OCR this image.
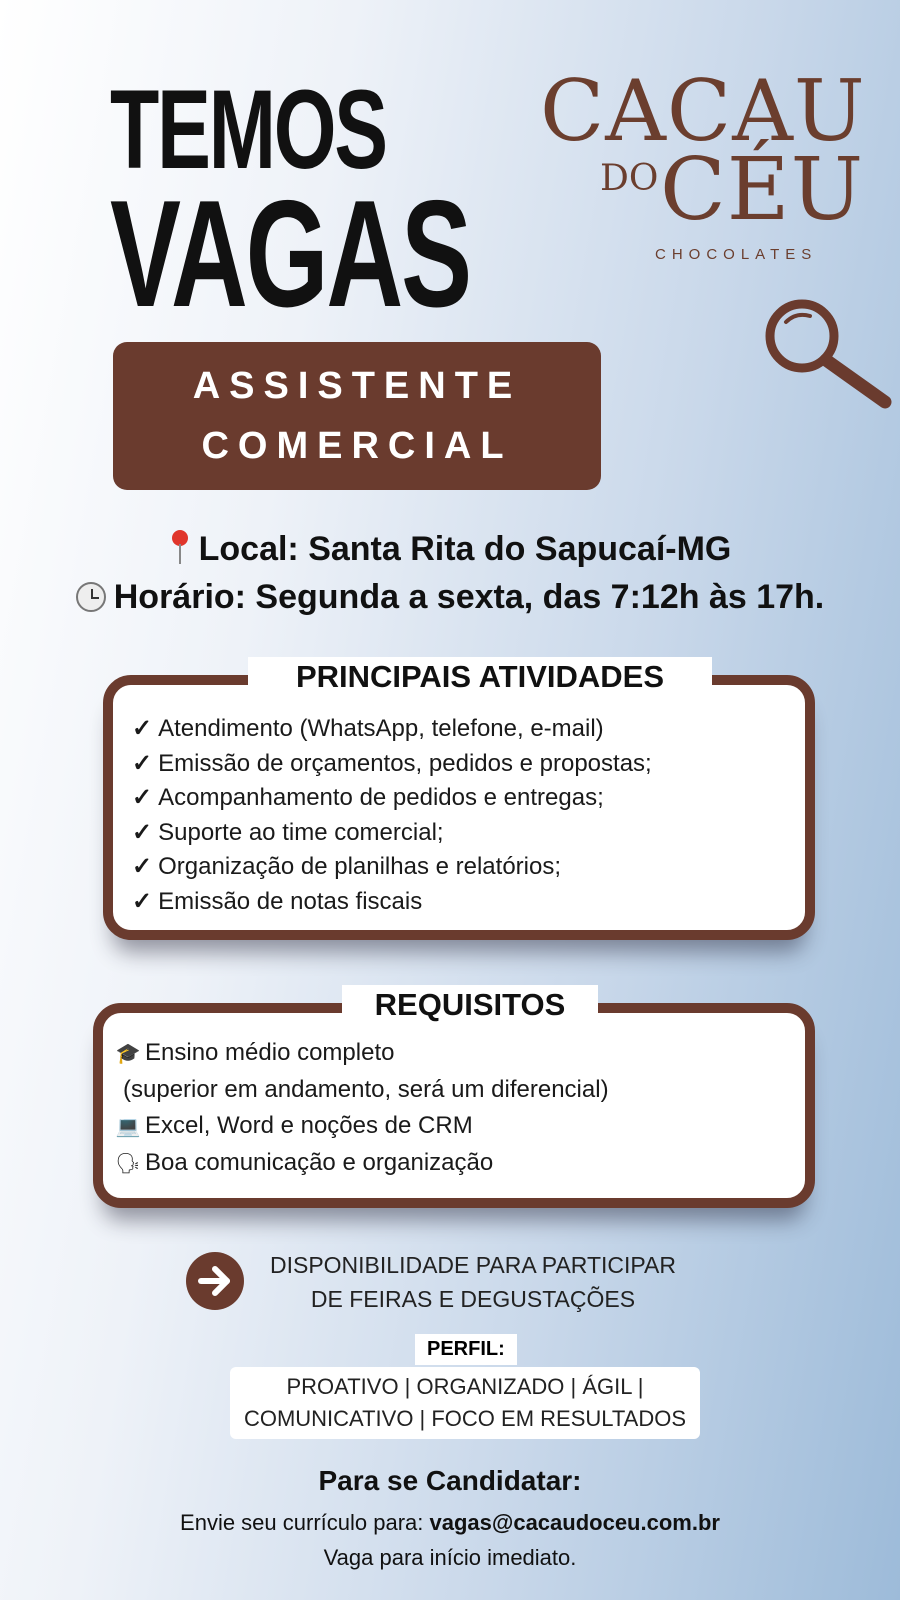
TEMOS
VAGAS
CACAU
DO CÉU
CHOCOLATES
ASSISTENTE
COMERCIAL
Local: Santa Rita do Sapucaí-MG
Horário: Segunda a sexta, das 7:12h às 17h.
PRINCIPAIS ATIVIDADES
✓ Atendimento (WhatsApp, telefone, e-mail)
✓ Emissão de orçamentos, pedidos e propostas;
✓ Acompanhamento de pedidos e entregas;
✓ Suporte ao time comercial;
✓ Organização de planilhas e relatórios;
✓ Emissão de notas fiscais
REQUISITOS
🎓 Ensino médio completo
(superior em andamento, será um diferencial)
💻 Excel, Word e noções de CRM
🗣 Boa comunicação e organização
DISPONIBILIDADE PARA PARTICIPAR
DE FEIRAS E DEGUSTAÇÕES
PERFIL:
PROATIVO | ORGANIZADO | ÁGIL |
COMUNICATIVO | FOCO EM RESULTADOS
Para se Candidatar:
Envie seu currículo para: vagas@cacaudoceu.com.br
Vaga para início imediato.
